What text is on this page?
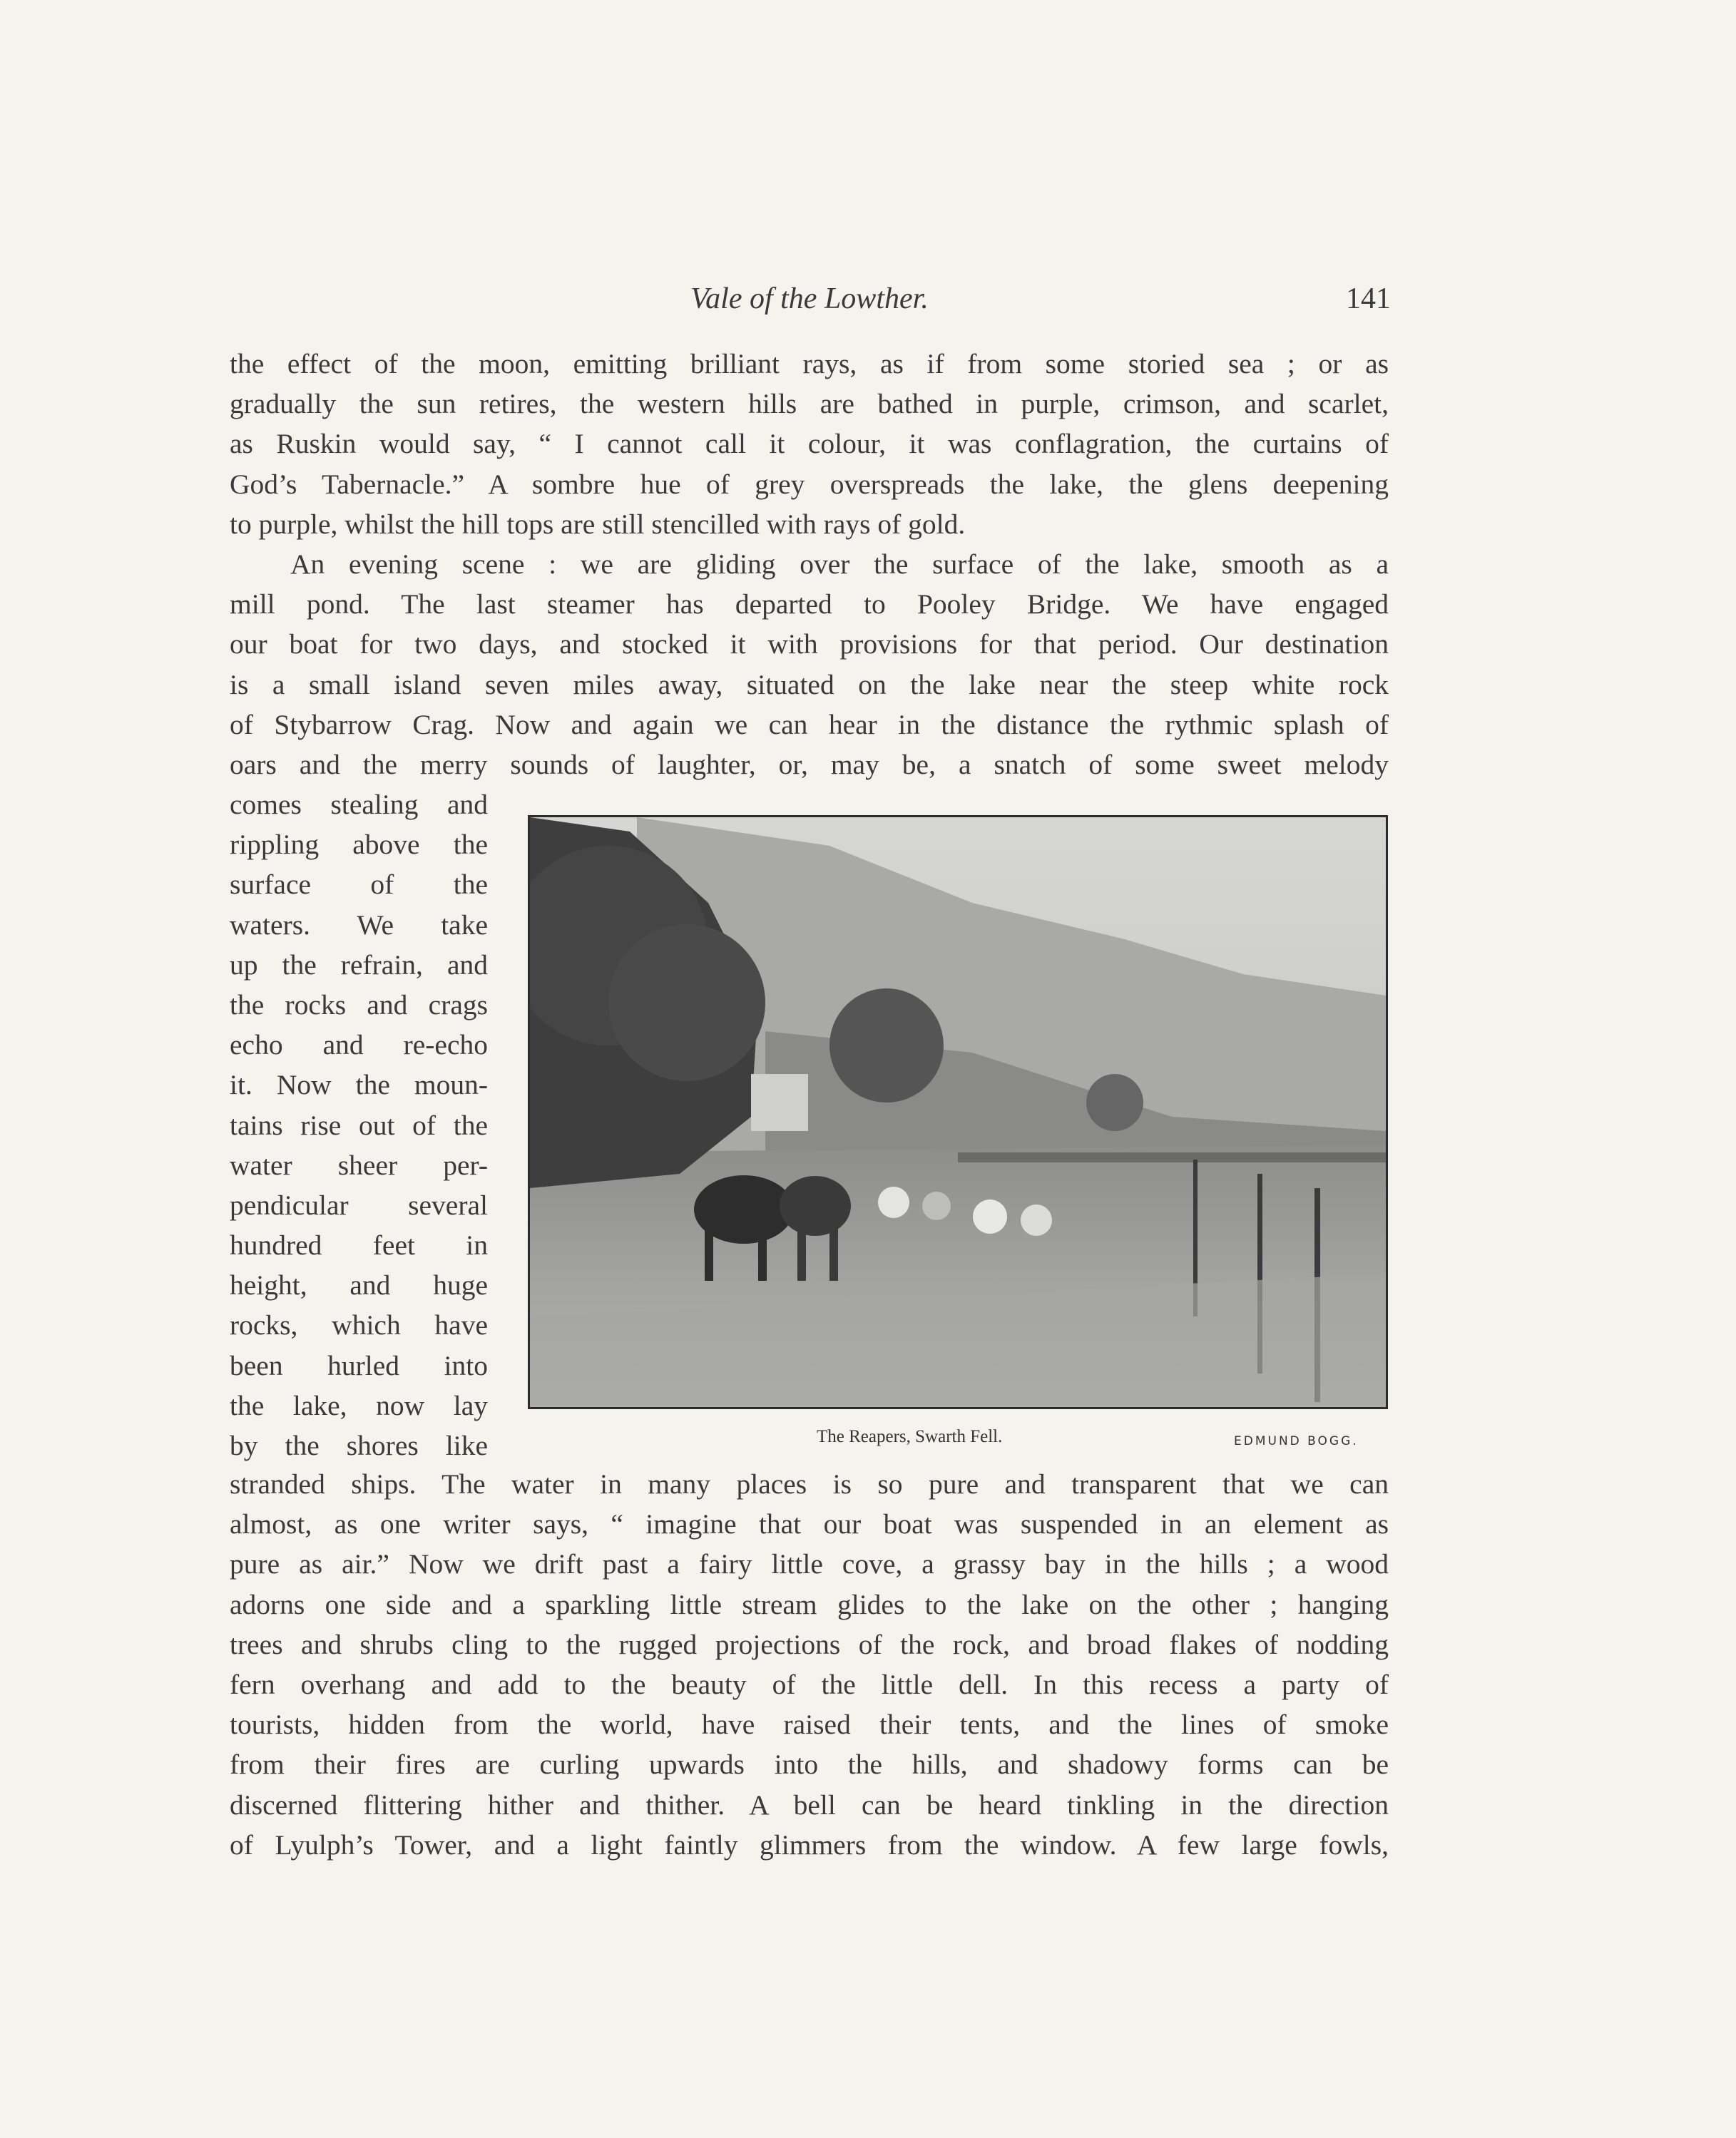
Vale of the Lowther.	141
the effect of the moon, emitting brilliant rays, as if from some storied sea ; or as
gradually the sun retires, the western hills are bathed in purple, crimson, and scarlet,
as Ruskin would say, “ I cannot call it colour, it was conflagration, the curtains of
God’s Tabernacle.” A sombre hue of grey overspreads the lake, the glens deepening
to purple, whilst the hill tops are still stencilled with rays of gold.
An evening scene : we are gliding over the surface of the lake, smooth as a
mill pond. The last steamer has departed to Pooley Bridge. We have engaged
our boat for two days, and stocked it with provisions for that period. Our destination
is a small island seven miles away, situated on the lake near the steep white rock
of Stybarrow Crag. Now and again we can hear in the distance the rythmic splash of
oars and the merry sounds of laughter, or, may be, a snatch of some sweet melody
comes stealing and
rippling above the
surface of the
waters. We take
up the refrain, and
the rocks and crags
echo and re-echo
it. Now the moun-
tains rise out of the
water sheer per-
pendicular several
hundred feet in
height, and huge
rocks, which have
been hurled into
the lake, now lay
by the shores like	The Reapers, Swarth Fell.	EDMUND BOGG.
stranded ships. The water in many places is so pure and transparent that we can
almost, as one writer says, “ imagine that our boat was suspended in an element as
pure as air.” Now we drift past a fairy little cove, a grassy bay in the hills ; a wood
adorns one side and a sparkling little stream glides to the lake on the other ; hanging
trees and shrubs cling to the rugged projections of the rock, and broad flakes of nodding
fern overhang and add to the beauty of the little dell. In this recess a party of
tourists, hidden from the world, have raised their tents, and the lines of smoke
from their fires are curling upwards into the hills, and shadowy forms can be
discerned flittering hither and thither. A bell can be heard tinkling in the direction
of Lyulph’s Tower, and a light faintly glimmers from the window. A few large fowls,
